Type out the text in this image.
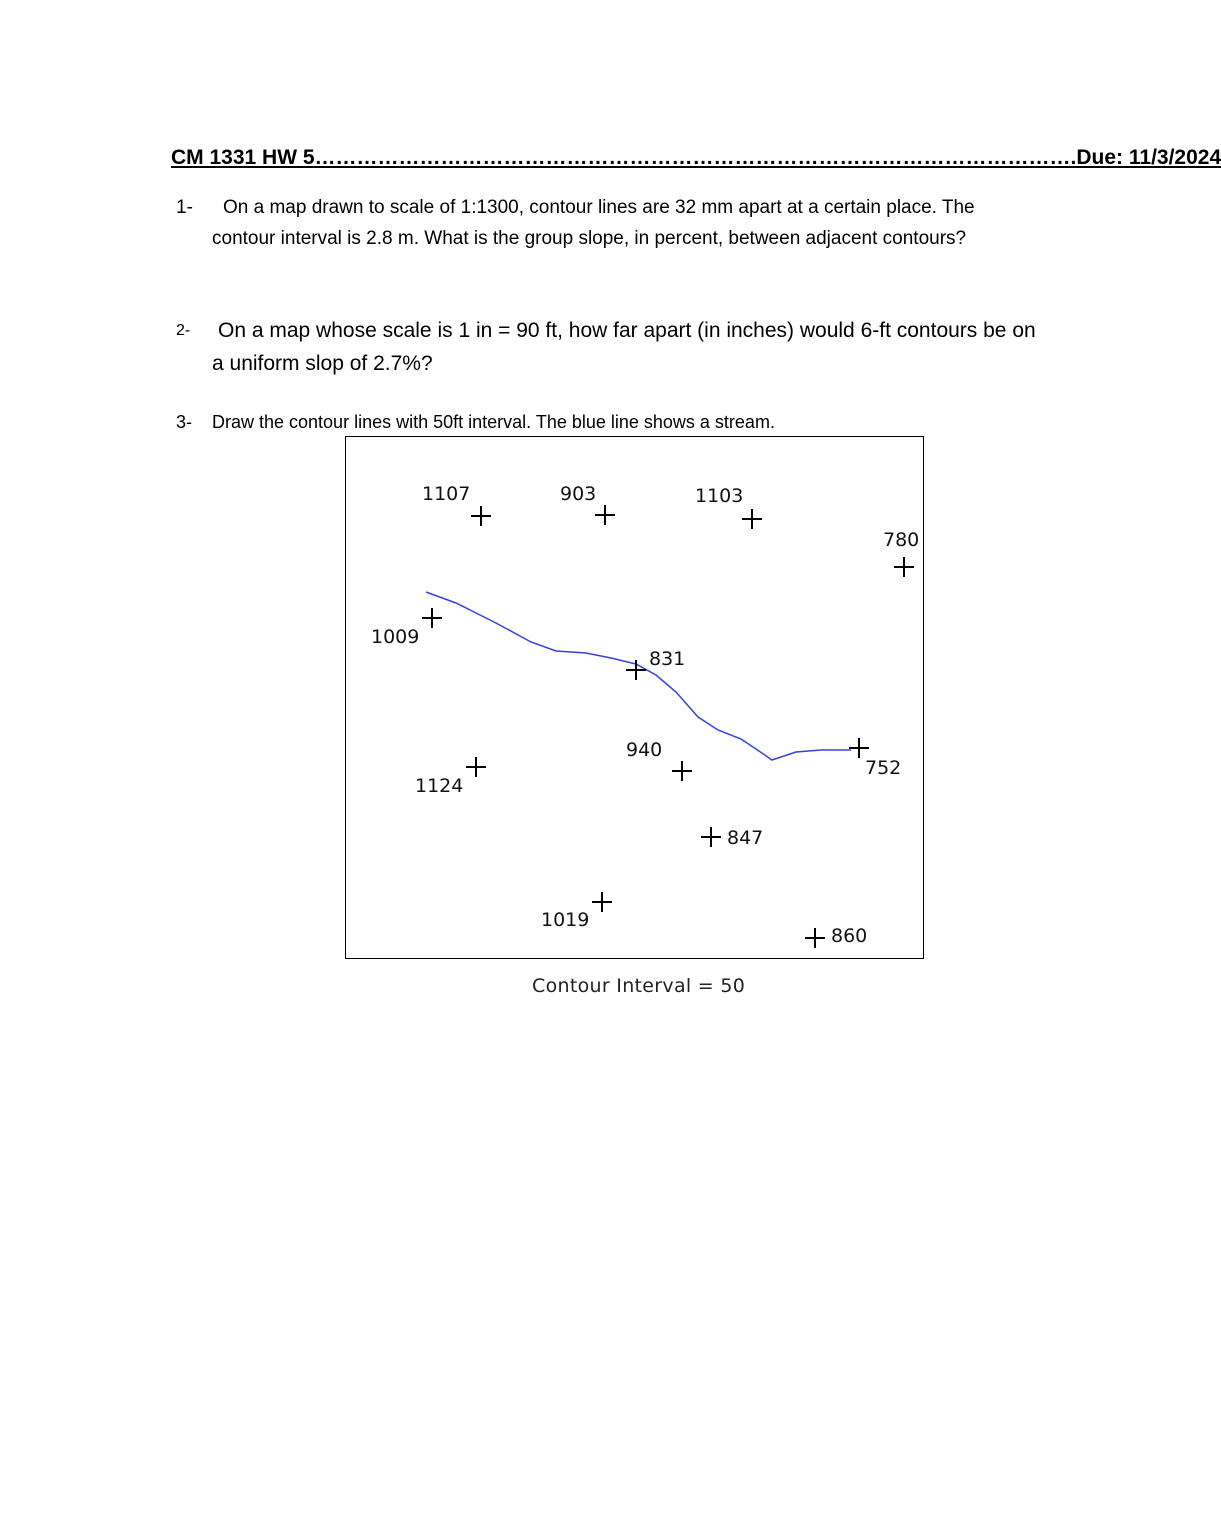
CM 1331 HW 5 ……………………………………………………………………………………………… .Due: 11/3/2024
1-	On a map drawn to scale of 1:1300, contour lines are 32 mm apart at a certain place. The contour interval is 2.8 m. What is the group slope, in percent, between adjacent contours?
2-	On a map whose scale is 1 in = 90 ft, how far apart (in inches) would 6-ft contours be on a uniform slop of 2.7%?
3-	Draw the contour lines with 50ft interval. The blue line shows a stream.
1107	903	1103
780
1009
831
940
752
1124
847
1019
860
Contour Interval = 50
